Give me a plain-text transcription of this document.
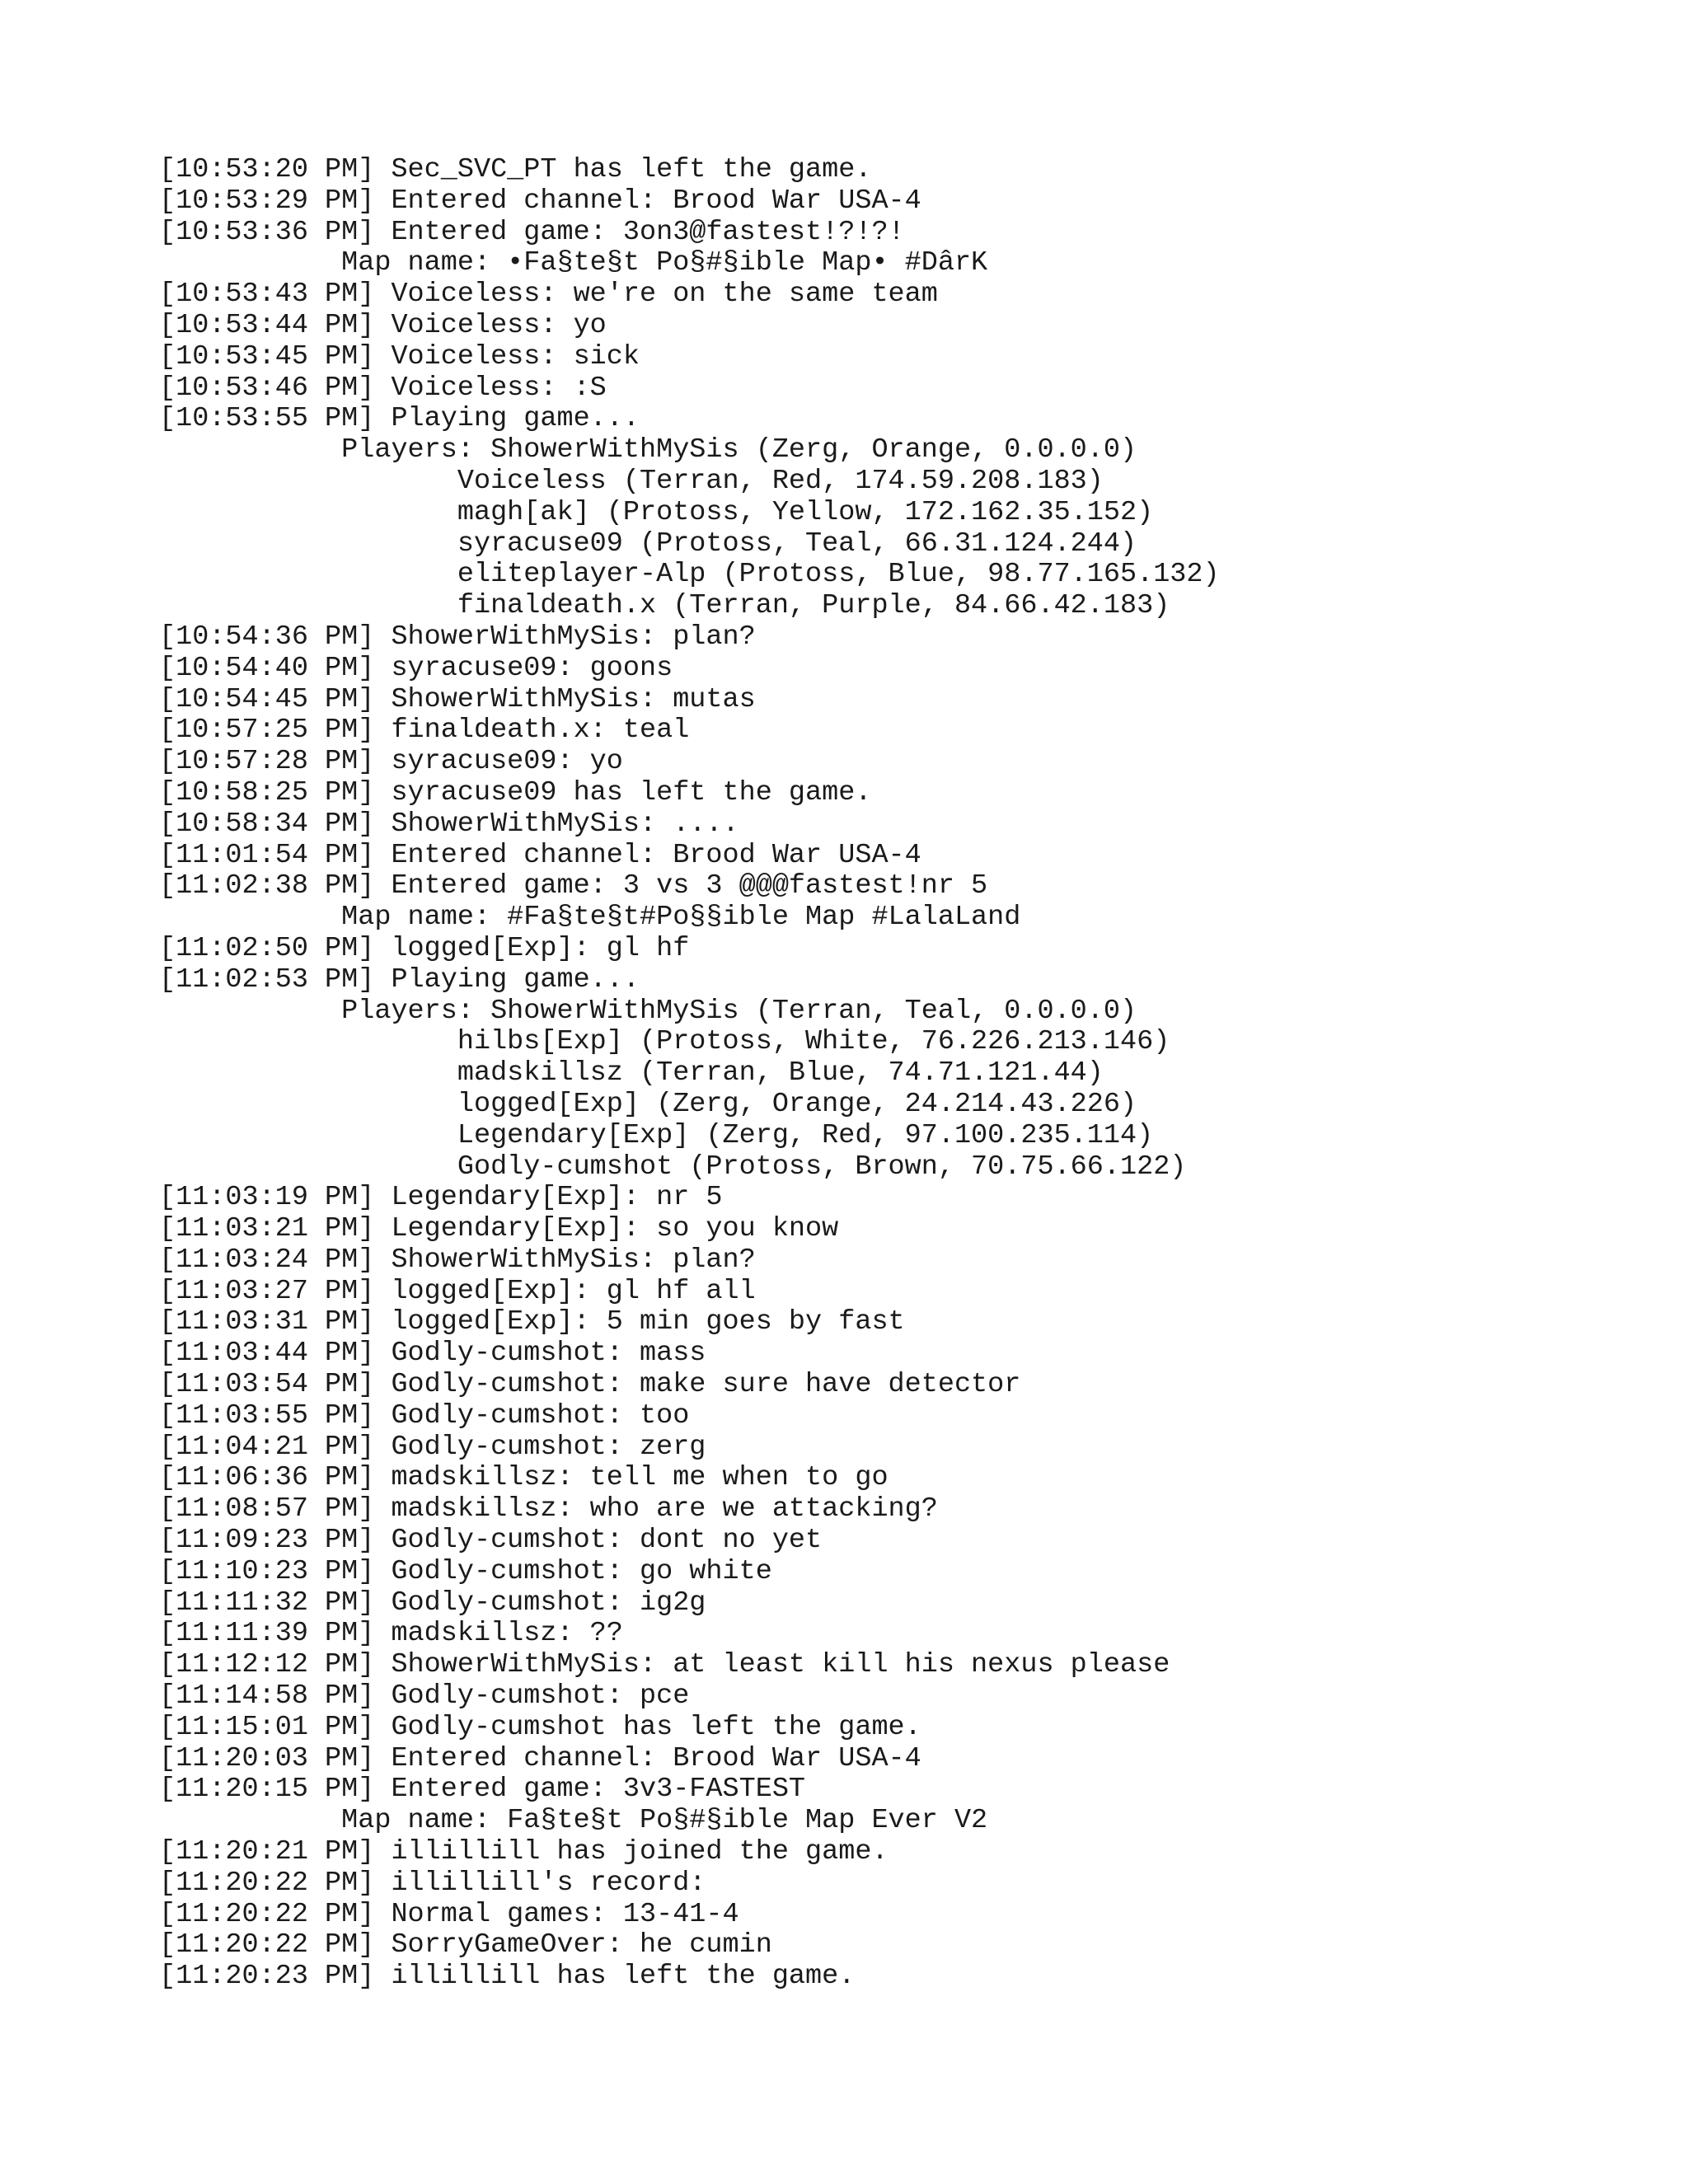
[10:53:20 PM] Sec_SVC_PT has left the game.
[10:53:29 PM] Entered channel: Brood War USA-4
[10:53:36 PM] Entered game: 3on3@fastest!?!?!
Map name: •Fa§te§t Po§#§ible Map• #DârK
[10:53:43 PM] Voiceless: we're on the same team
[10:53:44 PM] Voiceless: yo
[10:53:45 PM] Voiceless: sick
[10:53:46 PM] Voiceless: :S
[10:53:55 PM] Playing game...
Players: ShowerWithMySis (Zerg, Orange, 0.0.0.0)
Voiceless (Terran, Red, 174.59.208.183)
magh[ak] (Protoss, Yellow, 172.162.35.152)
syracuse09 (Protoss, Teal, 66.31.124.244)
eliteplayer-Alp (Protoss, Blue, 98.77.165.132)
finaldeath.x (Terran, Purple, 84.66.42.183)
[10:54:36 PM] ShowerWithMySis: plan?
[10:54:40 PM] syracuse09: goons
[10:54:45 PM] ShowerWithMySis: mutas
[10:57:25 PM] finaldeath.x: teal
[10:57:28 PM] syracuse09: yo
[10:58:25 PM] syracuse09 has left the game.
[10:58:34 PM] ShowerWithMySis: ....
[11:01:54 PM] Entered channel: Brood War USA-4
[11:02:38 PM] Entered game: 3 vs 3 @@@fastest!nr 5
Map name: #Fa§te§t#Po§§ible Map #LalaLand
[11:02:50 PM] logged[Exp]: gl hf
[11:02:53 PM] Playing game...
Players: ShowerWithMySis (Terran, Teal, 0.0.0.0)
hilbs[Exp] (Protoss, White, 76.226.213.146)
madskillsz (Terran, Blue, 74.71.121.44)
logged[Exp] (Zerg, Orange, 24.214.43.226)
Legendary[Exp] (Zerg, Red, 97.100.235.114)
Godly-cumshot (Protoss, Brown, 70.75.66.122)
[11:03:19 PM] Legendary[Exp]: nr 5
[11:03:21 PM] Legendary[Exp]: so you know
[11:03:24 PM] ShowerWithMySis: plan?
[11:03:27 PM] logged[Exp]: gl hf all
[11:03:31 PM] logged[Exp]: 5 min goes by fast
[11:03:44 PM] Godly-cumshot: mass
[11:03:54 PM] Godly-cumshot: make sure have detector
[11:03:55 PM] Godly-cumshot: too
[11:04:21 PM] Godly-cumshot: zerg
[11:06:36 PM] madskillsz: tell me when to go
[11:08:57 PM] madskillsz: who are we attacking?
[11:09:23 PM] Godly-cumshot: dont no yet
[11:10:23 PM] Godly-cumshot: go white
[11:11:32 PM] Godly-cumshot: ig2g
[11:11:39 PM] madskillsz: ??
[11:12:12 PM] ShowerWithMySis: at least kill his nexus please
[11:14:58 PM] Godly-cumshot: pce
[11:15:01 PM] Godly-cumshot has left the game.
[11:20:03 PM] Entered channel: Brood War USA-4
[11:20:15 PM] Entered game: 3v3-FASTEST
Map name: Fa§te§t Po§#§ible Map Ever V2
[11:20:21 PM] illillill has joined the game.
[11:20:22 PM] illillill's record:
[11:20:22 PM] Normal games: 13-41-4
[11:20:22 PM] SorryGameOver: he cumin
[11:20:23 PM] illillill has left the game.
